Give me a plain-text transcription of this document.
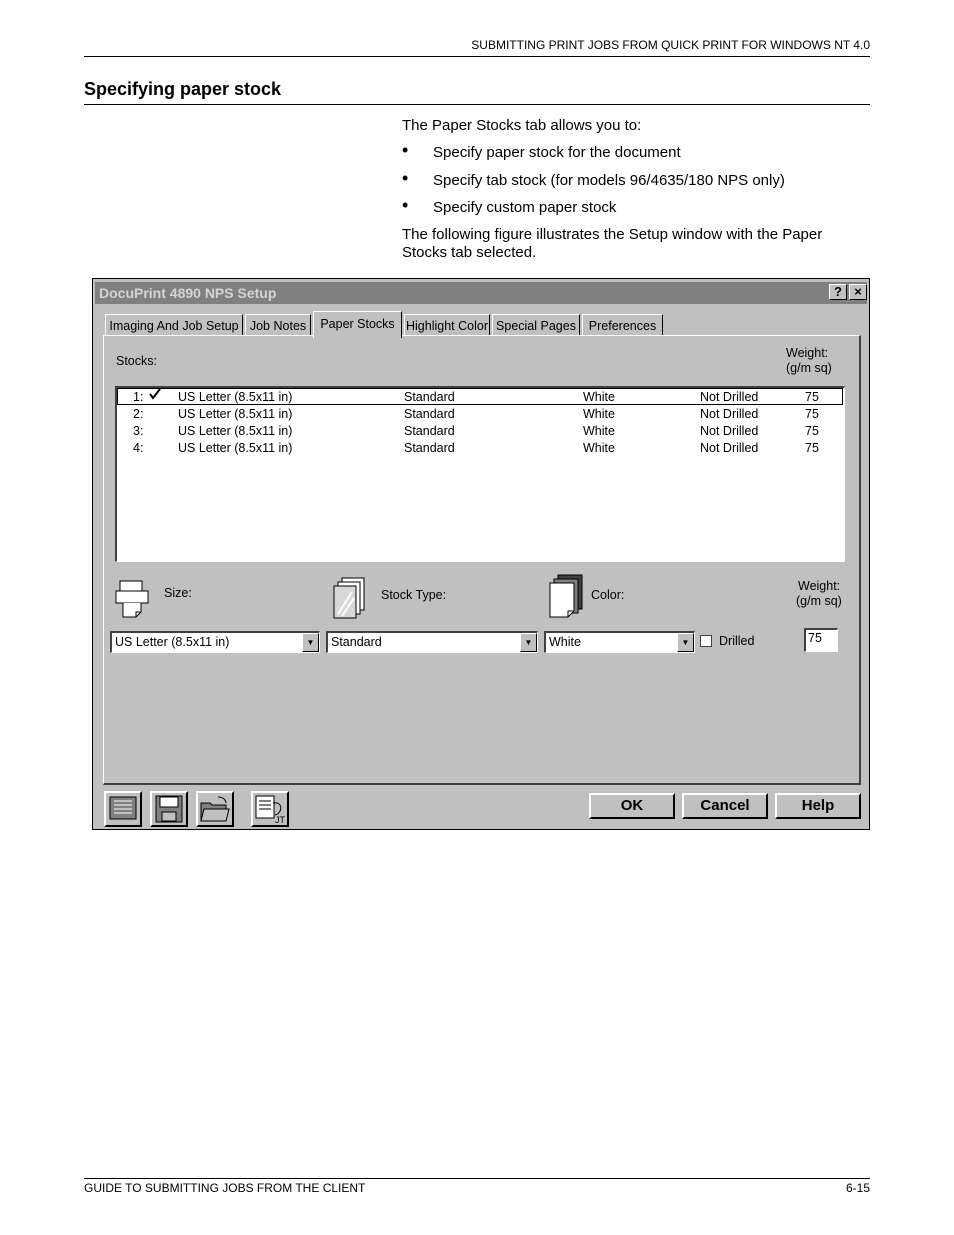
SUBMITTING PRINT JOBS FROM QUICK PRINT FOR WINDOWS NT 4.0
Specifying paper stock
The Paper Stocks tab allows you to:
• Specify paper stock for the document
• Specify tab stock (for models 96/4635/180 NPS only)
• Specify custom paper stock
The following figure illustrates the Setup window with the Paper
Stocks tab selected.
DocuPrint 4890 NPS Setup	? ×
Imaging And Job Setup Job Notes	Paper Stocks Highlight Color Special Pages	Preferences
Stocks:
Weight:
(g/m sq)
1:	US Letter (8.5x11 in)	Standard	White	Not Drilled	75
2:	US Letter (8.5x11 in)	Standard	White	Not Drilled	75
3:	US Letter (8.5x11 in)	Standard	White	Not Drilled	75
4:	US Letter (8.5x11 in)	Standard	White	Not Drilled	75
Size:	Stock Type:	Color:
Weight:
(g/m sq)
US Letter (8.5x11 in)	▼	Standard	▼	White	▼	Drilled	75
JT
OK	Cancel	Help
GUIDE TO SUBMITTING JOBS FROM THE CLIENT	6-15
